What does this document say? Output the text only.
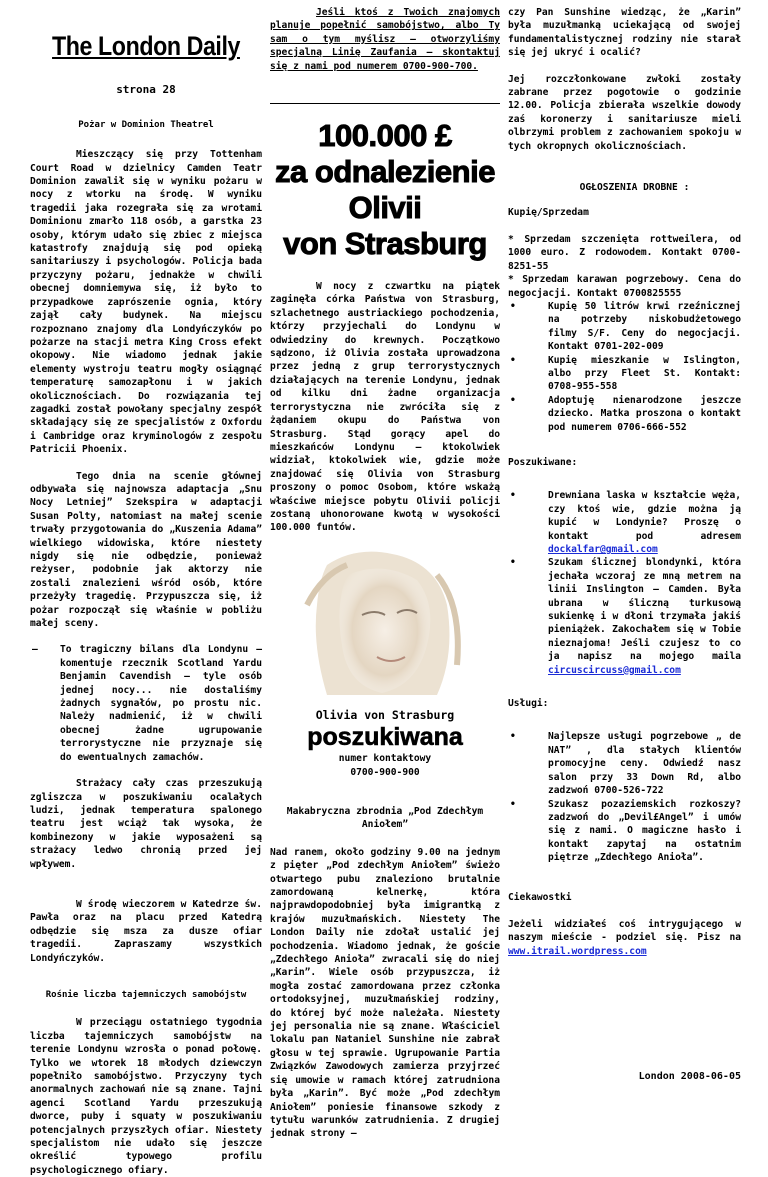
The London Daily
strona 28
Pożar w Dominion Theatrel

Mieszczący się przy Tottenham Court Road w dzielnicy Camden Teatr Dominion zawalił się w wyniku pożaru w nocy z wtorku na środę. W wyniku tragedii jaka rozegrała się za wrotami Dominionu zmarło 118 osób, a garstka 23 osoby, którym udało się zbiec z miejsca katastrofy znajdują się pod opieką sanitariuszy i psychologów. Policja bada przyczyny pożaru, jednakże w chwili obecnej domniemywa się, iż było to przypadkowe zaprószenie ognia, który zajął cały budynek. Na miejscu rozpoznano znajomy dla Londyńczyków po pożarze na stacji metra King Cross efekt okopowy. Nie wiadomo jednak jakie elementy wystroju teatru mogły osiągnąć temperaturę samozapłonu i w jakich okolicznościach. Do rozwiązania tej zagadki został powołany specjalny zespół składający się ze specjalistów z Oxfordu i Cambridge oraz kryminologów z zespołu Patricii Phoenix.

Tego dnia na scenie głównej odbywała się najnowsza adaptacja „Snu Nocy Letniej” Szekspira w adaptacji Susan Polty, natomiast na małej scenie trwały przygotowania do „Kuszenia Adama” wielkiego widowiska, które niestety nigdy się nie odbędzie, ponieważ reżyser, podobnie jak aktorzy nie zostali znalezieni wśród osób, które przeżyły tragedię. Przypuszcza się, iż pożar rozpoczął się właśnie w pobliżu małej sceny.

– To tragiczny bilans dla Londynu – komentuje rzecznik Scotland Yardu Benjamin Cavendish – tyle osób jednej nocy... nie dostaliśmy żadnych sygnałów, po prostu nic. Należy nadmienić, iż w chwili obecnej żadne ugrupowanie terrorystyczne nie przyznaje się do ewentualnych zamachów.

Strażacy cały czas przeszukują zgliszcza w poszukiwaniu ocalałych ludzi, jednak temperatura spalonego teatru jest wciąż tak wysoka, że kombinezony w jakie wyposażeni są strażacy ledwo chronią przed jej wpływem.

W środę wieczorem w Katedrze św. Pawła oraz na placu przed Katedrą odbędzie się msza za dusze ofiar tragedii. Zapraszamy wszystkich Londyńczyków.

Rośnie liczba tajemniczych samobójstw

W przeciągu ostatniego tygodnia liczba tajemniczych samobójstw na terenie Londynu wzrosła o ponad połowę. Tylko we wtorek 18 młodych dziewczyn popełniło samobójstwo. Przyczyny tych anormalnych zachowań nie są znane. Tajni agenci Scotland Yardu przeszukują dworce, puby i squaty w poszukiwaniu potencjalnych przyszłych ofiar. Niestety specjalistom nie udało się jeszcze określić typowego profilu psychologicznego ofiary.

Jeśli ktoś z Twoich znajomych planuje popełnić samobójstwo, albo Ty sam o tym myślisz – otworzyliśmy specjalną Linię Zaufania – skontaktuj się z nami pod numerem 0700-900-700.

100.000 £
za odnalezienie Olivii
von Strasburg

W nocy z czwartku na piątek zaginęła córka Państwa von Strasburg, szlachetnego austriackiego pochodzenia, którzy przyjechali do Londynu w odwiedziny do krewnych. Początkowo sądzono, iż Olivia została uprowadzona przez jedną z grup terrorystycznych działających na terenie Londynu, jednak od kilku dni żadne organizacja terrorystyczna nie zwróciła się z żądaniem okupu do Państwa von Strasburg. Stąd gorący apel do mieszkańców Londynu – ktokolwiek widział, ktokolwiek wie, gdzie może znajdować się Olivia von Strasburg proszony o pomoc Osobom, które wskażą właściwe miejsce pobytu Olivii policji zostaną uhonorowane kwotą w wysokości 100.000 funtów.

Olivia von Strasburg
poszukiwana
numer kontaktowy
0700-900-900
Makabryczna zbrodnia „Pod Zdechłym Aniołem”

Nad ranem, około godziny 9.00 na jednym z pięter „Pod zdechłym Aniołem” świeżo otwartego pubu znaleziono brutalnie zamordowaną kelnerkę, która najprawdopodobniej była imigrantką z krajów muzułmańskich. Niestety The London Daily nie zdołał ustalić jej pochodzenia. Wiadomo jednak, że goście „Zdechłego Anioła” zwracali się do niej „Karin”. Wiele osób przypuszcza, iż mogła zostać zamordowana przez członka ortodoksyjnej, muzułmańskiej rodziny, do której być może należała. Niestety jej personalia nie są znane. Właściciel lokalu pan Nataniel Sunshine nie zabrał głosu w tej sprawie. Ugrupowanie Partia Związków Zawodowych zamierza przyjrzeć się umowie w ramach której zatrudniona była „Karin”. Być może „Pod zdechłym Aniołem” poniesie finansowe szkody z tytułu warunków zatrudnienia. Z drugiej jednak strony –

czy Pan Sunshine wiedząc, że „Karin” była muzułmanką uciekającą od swojej fundamentalistycznej rodziny nie starał się jej ukryć i ocalić?

Jej rozczłonkowane zwłoki zostały zabrane przez pogotowie o godzinie 12.00. Policja zbierała wszelkie dowody zaś koronerzy i sanitariusze mieli olbrzymi problem z zachowaniem spokoju w tych okropnych okolicznościach.

OGŁOSZENIA DROBNE :
Kupię/Sprzedam

* Sprzedam szczenięta rottweilera, od 1000 euro. Z rodowodem. Kontakt 0700-8251-55

* Sprzedam karawan pogrzebowy. Cena do negocjacji. Kontakt 0700825555

•	Kupię 50 litrów krwi rzeźnicznej na potrzeby niskobudżetowego filmy S/F. Ceny do negocjacji. Kontakt 0701-202-009
•	Kupię mieszkanie w Islington, albo przy Fleet St. Kontakt: 0708-955-558
•	Adoptuję nienarodzone jeszcze dziecko. Matka proszona o kontakt pod numerem 0706-666-552
Poszukiwane:
•	Drewniana laska w kształcie węża, czy ktoś wie, gdzie można ją kupić w Londynie? Proszę o kontakt pod adresem dockalfar@gmail.com
•	Szukam ślicznej blondynki, która jechała wczoraj ze mną metrem na linii Inslington – Camden. Była ubrana w śliczną turkusową sukienkę i w dłoni trzymała jakiś pieniążek. Zakochałem się w Tobie nieznajoma! Jeśli czujesz to co ja napisz na mojego maila circuscircuss@gmail.com
Usługi:
•	Najlepsze usługi pogrzebowe „ de NAT” , dla stałych klientów promocyjne ceny. Odwiedź nasz salon przy 33 Down Rd, albo zadzwoń 0700-526-722
•	Szukasz pozaziemskich rozkoszy?zadzwoń do „Devil£Angel” i umów się z nami. O magiczne hasło i kontakt zapytaj na ostatnim piętrze „Zdechłego Anioła”.
Ciekawostki

Jeżeli widziałeś coś intrygującego w naszym mieście - podziel się. Pisz na www.itrail.wordpress.com

London 2008-06-05
